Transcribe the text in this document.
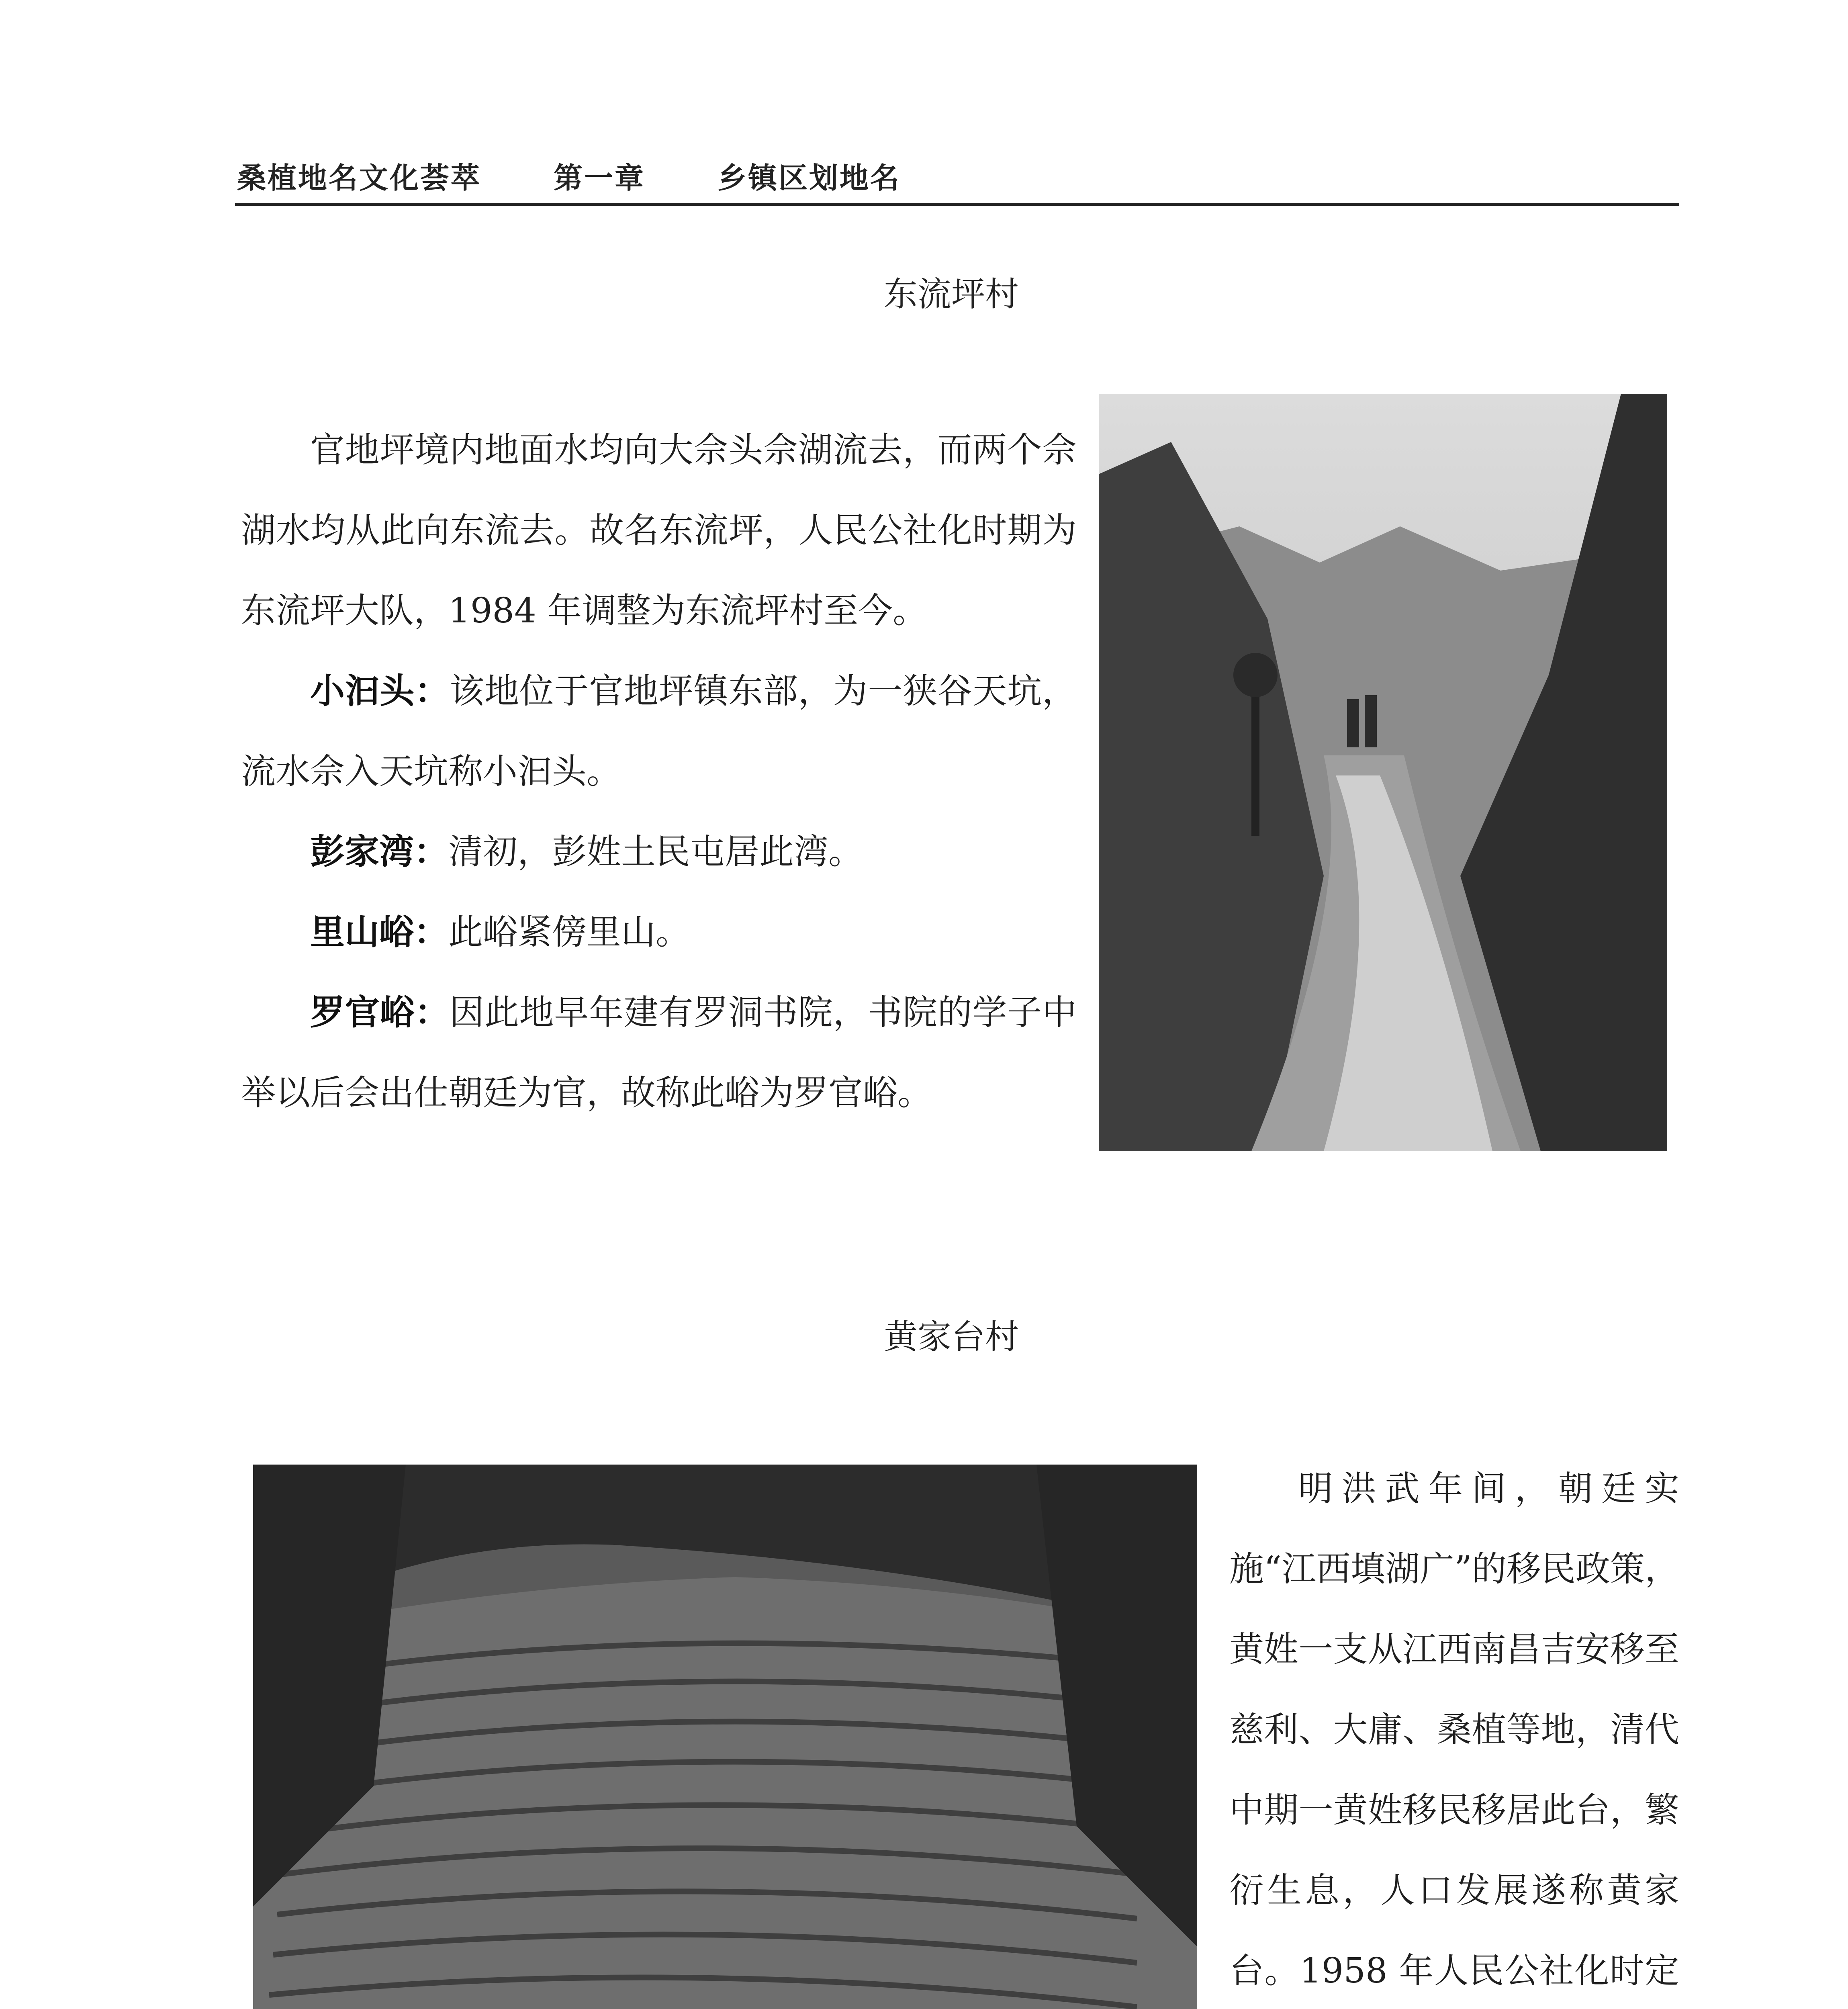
桑植地名文化荟萃	第一章	乡镇区划地名
东流坪村

官地坪境内地面水均向大佘头佘湖流去，而两个佘湖水均从此向东流去。故名东流坪，人民公社化时期为东流坪大队，1984 年调整为东流坪村至今。

小汩头：该地位于官地坪镇东部，为一狭谷天坑，流水佘入天坑称小汩头。

彭家湾：清初，彭姓土民屯居此湾。

里山峪：此峪紧傍里山。

罗官峪：因此地早年建有罗洞书院，书院的学子中举以后会出仕朝廷为官，故称此峪为罗官峪。

黄家台村

明洪武年间，朝廷实施“江西填湖广”的移民政策，黄姓一支从江西南昌吉安移至慈利、大庸、桑植等地，清代中期一黄姓移民移居此台，繁衍生息，人口发展遂称黄家台。1958 年人民公社化时定
